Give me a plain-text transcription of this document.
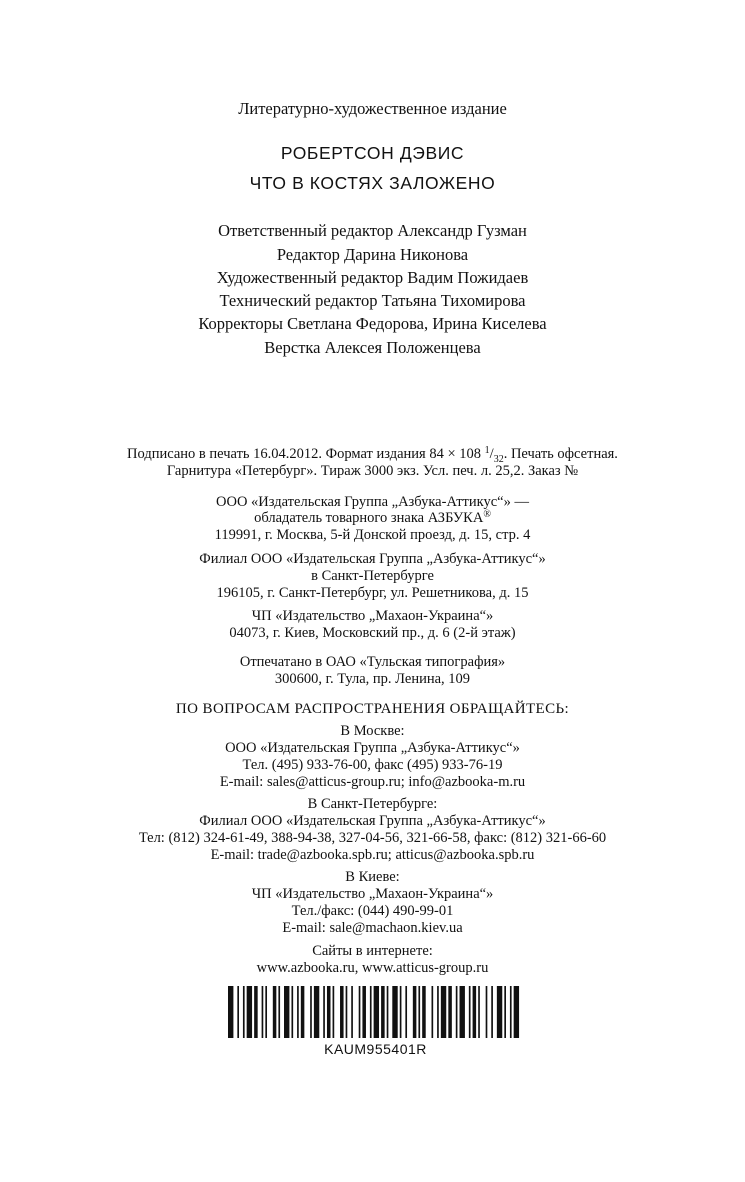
Литературно-художественное издание
РОБЕРТСОН ДЭВИС
ЧТО В КОСТЯХ ЗАЛОЖЕНО
Ответственный редактор Александр Гузман
Редактор Дарина Никонова
Художественный редактор Вадим Пожидаев
Технический редактор Татьяна Тихомирова
Корректоры Светлана Федорова, Ирина Киселева
Верстка Алексея Положенцева
Подписано в печать 16.04.2012. Формат издания 84 × 108 $^1/_{32}$. Печать офсетная.
Гарнитура «Петербург». Тираж 3000 экз. Усл. печ. л. 25,2. Заказ №
ООО «Издательская Группа „Азбука-Аттикус“» —
обладатель товарного знака АЗБУКА®
119991, г. Москва, 5-й Донской проезд, д. 15, стр. 4
Филиал ООО «Издательская Группа „Азбука-Аттикус“»
в Санкт-Петербурге
196105, г. Санкт-Петербург, ул. Решетникова, д. 15
ЧП «Издательство „Махаон-Украина“»
04073, г. Киев, Московский пр., д. 6 (2-й этаж)
Отпечатано в ОАО «Тульская типография»
300600, г. Тула, пр. Ленина, 109
ПО ВОПРОСАМ РАСПРОСТРАНЕНИЯ ОБРАЩАЙТЕСЬ:
В Москве:
ООО «Издательская Группа „Азбука-Аттикус“»
Тел. (495) 933-76-00, факс (495) 933-76-19
E-mail: sales@atticus-group.ru; info@azbooka-m.ru
В Санкт-Петербурге:
Филиал ООО «Издательская Группа „Азбука-Аттикус“»
Тел: (812) 324-61-49, 388-94-38, 327-04-56, 321-66-58, факс: (812) 321-66-60
E-mail: trade@azbooka.spb.ru; atticus@azbooka.spb.ru
В Киеве:
ЧП «Издательство „Махаон-Украина“»
Тел./факс: (044) 490-99-01
E-mail: sale@machaon.kiev.ua
Сайты в интернете:
www.azbooka.ru, www.atticus-group.ru
KAUM955401R
